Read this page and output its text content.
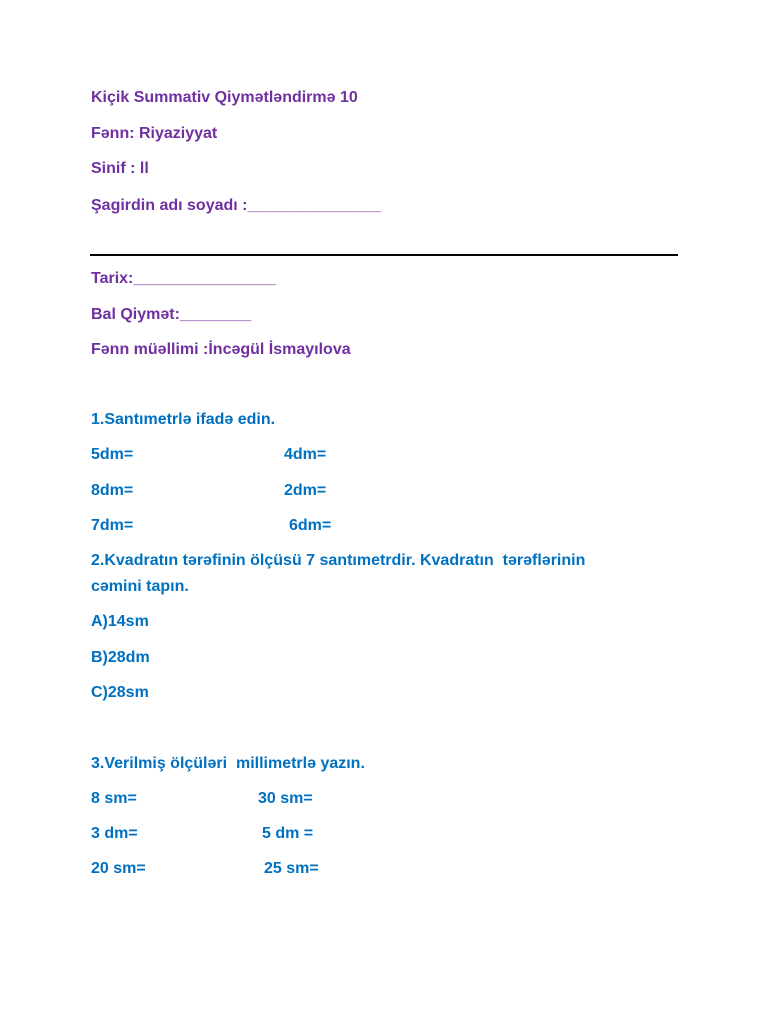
Kiçik Summativ Qiymətləndirmə 10
Fənn: Riyaziyyat
Sinif : ll
Şagirdin adı soyadı :_______________
Tarix:________________
Bal Qiymət:________
Fənn müəllimi :İncəgül İsmayılova
1.Santımetrlə ifadə edin.
5dm=	4dm=
8dm=	2dm=
7dm=	6dm=
2.Kvadratın tərəfinin ölçüsü 7 santımetrdir. Kvadratın  tərəflərinin
cəmini tapın.
A)14sm
B)28dm
C)28sm
3.Verilmiş ölçüləri  millimetrlə yazın.
8 sm=	30 sm=
3 dm=	5 dm =
20 sm=	25 sm=
